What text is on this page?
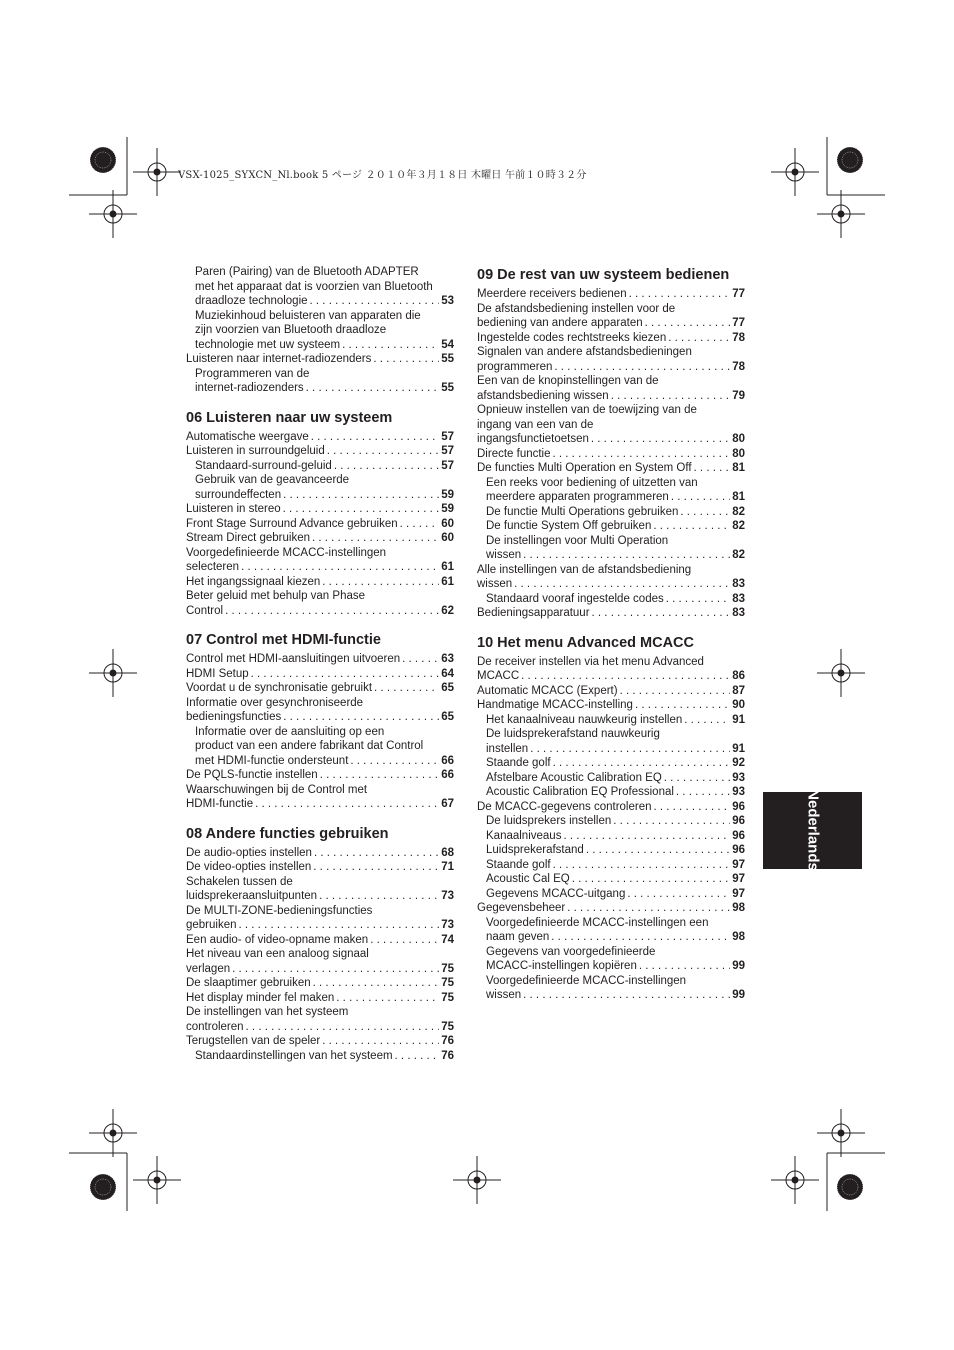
VSX-1025_SYXCN_Nl.book 5 ページ ２０１０年３月１８日 木曜日 午前１０時３２分
Paren (Pairing) van de Bluetooth ADAPTER
met het apparaat dat is voorzien van Bluetooth
draadloze technologie . . .	53
Muziekinhoud beluisteren van apparaten die
zijn voorzien van Bluetooth draadloze
technologie met uw systeem . . .	54
Luisteren naar internet-radiozenders . . .	55
Programmeren van de
internet-radiozenders . . .	55
06 Luisteren naar uw systeem
Automatische weergave . . .	57
Luisteren in surroundgeluid . . .	57
Standaard-surround-geluid . . .	57
Gebruik van de geavanceerde
surroundeffecten . . .	59
Luisteren in stereo . . .	59
Front Stage Surround Advance gebruiken . . .	60
Stream Direct gebruiken . . .	60
Voorgedefinieerde MCACC-instellingen
selecteren . . .	61
Het ingangssignaal kiezen . . .	61
Beter geluid met behulp van Phase
Control . . .	62
07 Control met HDMI-functie
Control met HDMI-aansluitingen uitvoeren . . .	63
HDMI Setup . . .	64
Voordat u de synchronisatie gebruikt . . .	65
Informatie over gesynchroniseerde
bedieningsfuncties . . .	65
Informatie over de aansluiting op een
product van een andere fabrikant dat Control
met HDMI-functie ondersteunt . . .	66
De PQLS-functie instellen . . .	66
Waarschuwingen bij de Control met
HDMI-functie . . .	67
08 Andere functies gebruiken
De audio-opties instellen . . .	68
De video-opties instellen . . .	71
Schakelen tussen de
luidsprekeraansluitpunten . . .	73
De MULTI-ZONE-bedieningsfuncties
gebruiken . . .	73
Een audio- of video-opname maken . . .	74
Het niveau van een analoog signaal
verlagen . . .	75
De slaaptimer gebruiken . . .	75
Het display minder fel maken . . .	75
De instellingen van het systeem
controleren . . .	75
Terugstellen van de speler . . .	76
Standaardinstellingen van het systeem . . .	76
09 De rest van uw systeem bedienen
Meerdere receivers bedienen . . .	77
De afstandsbediening instellen voor de
bediening van andere apparaten . . .	77
Ingestelde codes rechtstreeks kiezen . . .	78
Signalen van andere afstandsbedieningen
programmeren . . .	78
Een van de knopinstellingen van de
afstandsbediening wissen . . .	79
Opnieuw instellen van de toewijzing van de
ingang van een van de
ingangsfunctietoetsen . . .	80
Directe functie . . .	80
De functies Multi Operation en System Off . . .	81
Een reeks voor bediening of uitzetten van
meerdere apparaten programmeren . . .	81
De functie Multi Operations gebruiken . . .	82
De functie System Off gebruiken . . .	82
De instellingen voor Multi Operation
wissen . . .	82
Alle instellingen van de afstandsbediening
wissen . . .	83
Standaard vooraf ingestelde codes . . .	83
Bedieningsapparatuur . . .	83
10 Het menu Advanced MCACC
De receiver instellen via het menu Advanced
MCACC . . .	86
Automatic MCACC (Expert) . . .	87
Handmatige MCACC-instelling . . .	90
Het kanaalniveau nauwkeurig instellen . . .	91
De luidsprekerafstand nauwkeurig
instellen . . .	91
Staande golf . . .	92
Afstelbare Acoustic Calibration EQ . . .	93
Acoustic Calibration EQ Professional . . .	93
De MCACC-gegevens controleren . . .	96
De luidsprekers instellen . . .	96
Kanaalniveaus . . .	96
Luidsprekerafstand . . .	96
Staande golf . . .	97
Acoustic Cal EQ . . .	97
Gegevens MCACC-uitgang . . .	97
Gegevensbeheer . . .	98
Voorgedefinieerde MCACC-instellingen een
naam geven . . .	98
Gegevens van voorgedefinieerde
MCACC-instellingen kopiëren . . .	99
Voorgedefinieerde MCACC-instellingen
wissen . . .	99
Nederlands
